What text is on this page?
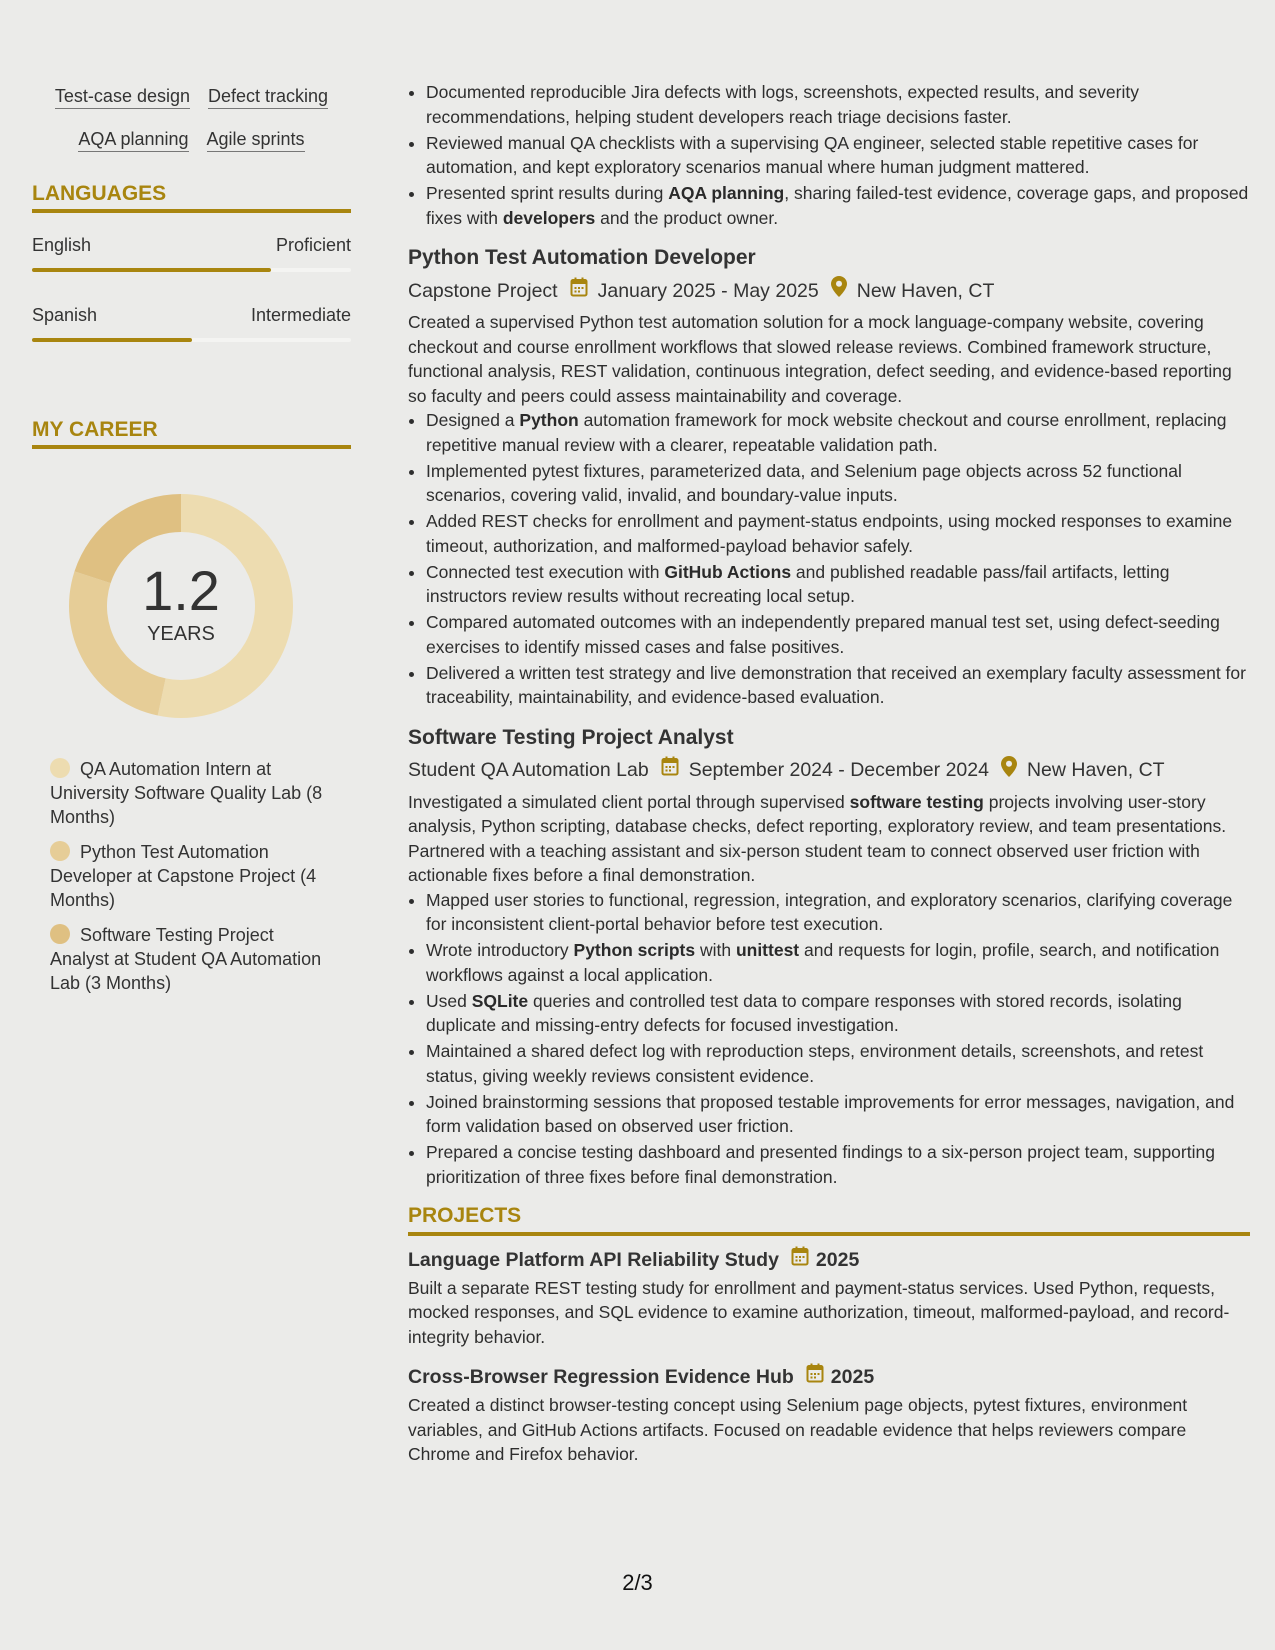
Test-case design Defect tracking
AQA planning Agile sprints
LANGUAGES
English	Proficient
Spanish	Intermediate
MY CAREER
1.2
YEARS
QA Automation Intern at University Software Quality Lab (8 Months)
Python Test Automation Developer at Capstone Project (4 Months)
Software Testing Project Analyst at Student QA Automation Lab (3 Months)
• Documented reproducible Jira defects with logs, screenshots, expected results, and severity recommendations, helping student developers reach triage decisions faster.
• Reviewed manual QA checklists with a supervising QA engineer, selected stable repetitive cases for automation, and kept exploratory scenarios manual where human judgment mattered.
• Presented sprint results during AQA planning, sharing failed-test evidence, coverage gaps, and proposed fixes with developers and the product owner.
Python Test Automation Developer
Capstone Project January 2025 - May 2025 New Haven, CT

Created a supervised Python test automation solution for a mock language-company website, covering checkout and course enrollment workflows that slowed release reviews. Combined framework structure, functional analysis, REST validation, continuous integration, defect seeding, and evidence-based reporting so faculty and peers could assess maintainability and coverage.

• Designed a Python automation framework for mock website checkout and course enrollment, replacing repetitive manual review with a clearer, repeatable validation path.
• Implemented pytest fixtures, parameterized data, and Selenium page objects across 52 functional scenarios, covering valid, invalid, and boundary-value inputs.
• Added REST checks for enrollment and payment-status endpoints, using mocked responses to examine timeout, authorization, and malformed-payload behavior safely.
• Connected test execution with GitHub Actions and published readable pass/fail artifacts, letting instructors review results without recreating local setup.
• Compared automated outcomes with an independently prepared manual test set, using defect-seeding exercises to identify missed cases and false positives.
• Delivered a written test strategy and live demonstration that received an exemplary faculty assessment for traceability, maintainability, and evidence-based evaluation.
Software Testing Project Analyst
Student QA Automation Lab September 2024 - December 2024 New Haven, CT

Investigated a simulated client portal through supervised software testing projects involving user-story analysis, Python scripting, database checks, defect reporting, exploratory review, and team presentations. Partnered with a teaching assistant and six-person student team to connect observed user friction with actionable fixes before a final demonstration.

• Mapped user stories to functional, regression, integration, and exploratory scenarios, clarifying coverage for inconsistent client-portal behavior before test execution.
• Wrote introductory Python scripts with unittest and requests for login, profile, search, and notification workflows against a local application.
• Used SQLite queries and controlled test data to compare responses with stored records, isolating duplicate and missing-entry defects for focused investigation.
• Maintained a shared defect log with reproduction steps, environment details, screenshots, and retest status, giving weekly reviews consistent evidence.
• Joined brainstorming sessions that proposed testable improvements for error messages, navigation, and form validation based on observed user friction.
• Prepared a concise testing dashboard and presented findings to a six-person project team, supporting prioritization of three fixes before final demonstration.
PROJECTS
Language Platform API Reliability Study 2025
Built a separate REST testing study for enrollment and payment-status services. Used Python, requests, mocked responses, and SQL evidence to examine authorization, timeout, malformed-payload, and record-integrity behavior.
Cross-Browser Regression Evidence Hub 2025
Created a distinct browser-testing concept using Selenium page objects, pytest fixtures, environment variables, and GitHub Actions artifacts. Focused on readable evidence that helps reviewers compare Chrome and Firefox behavior.
2/3
